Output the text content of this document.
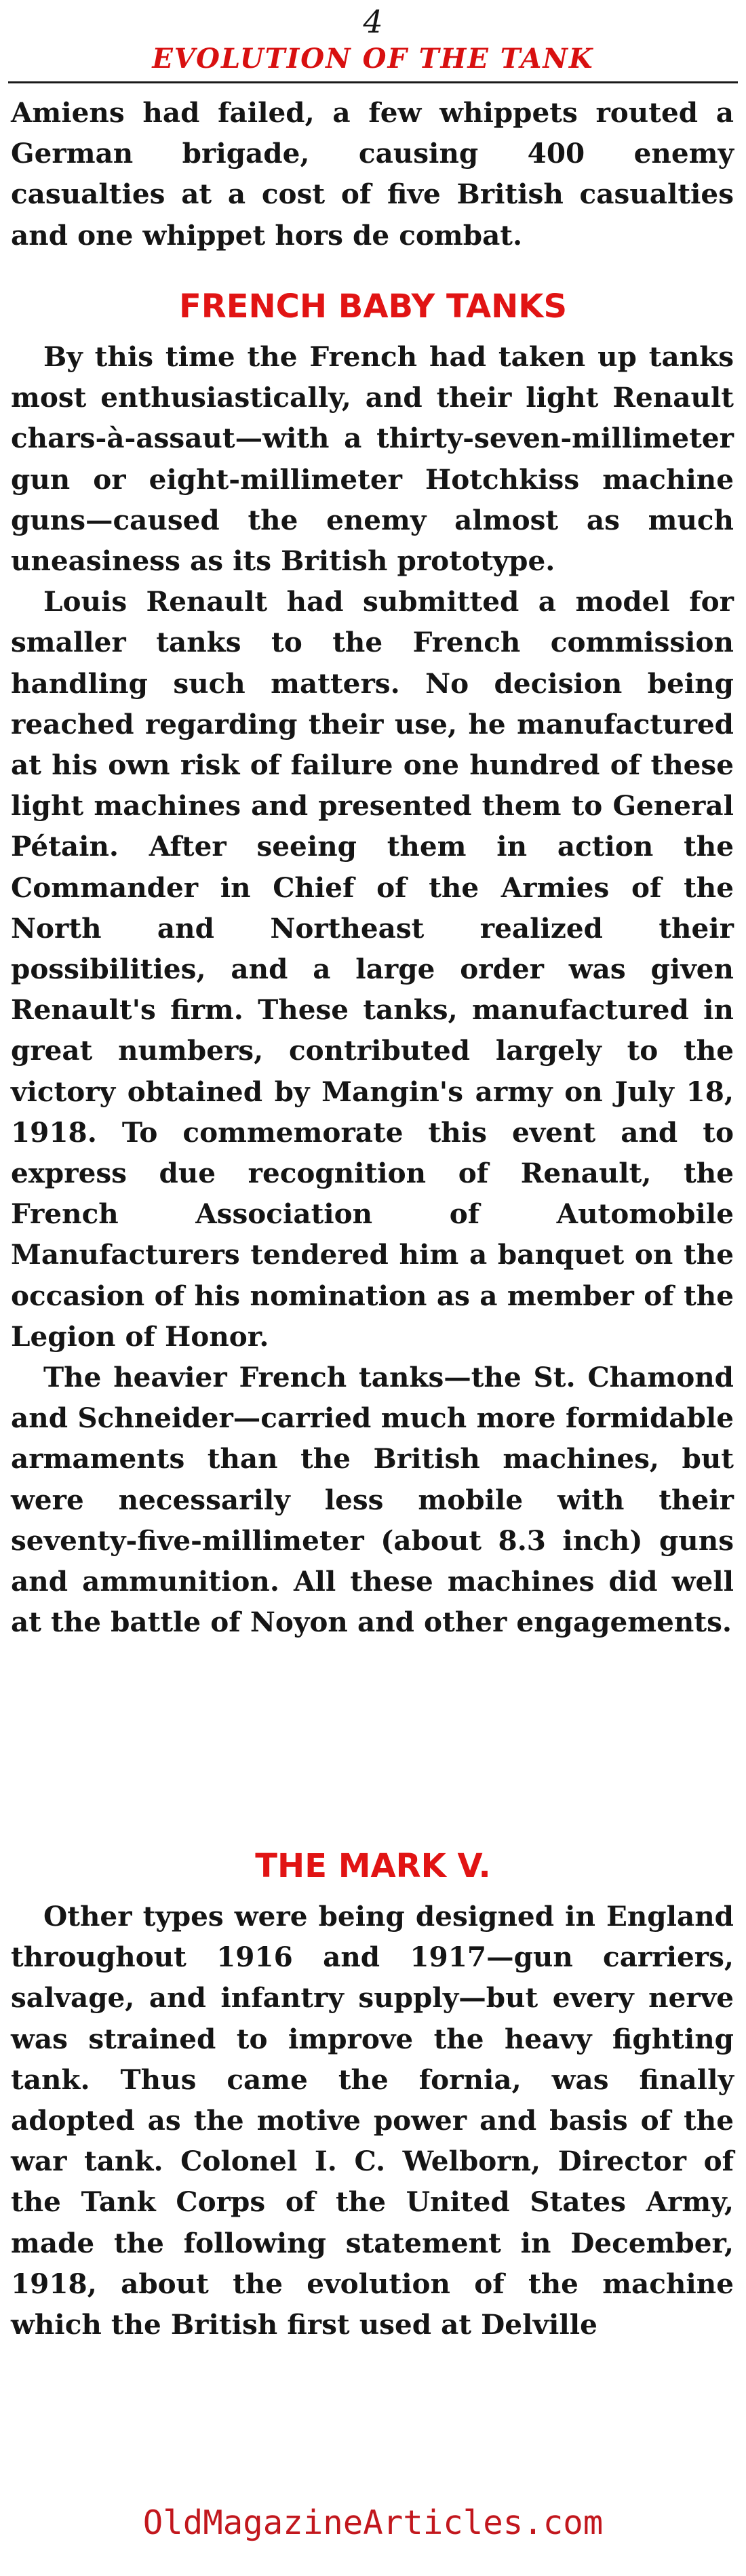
4
EVOLUTION OF THE TANK

Amiens had failed, a few whippets routed a German brigade, causing 400 enemy casualties at a cost of five British casualties and one whippet hors de combat.

FRENCH BABY TANKS

By this time the French had taken up tanks most enthusiastically, and their light Renault chars-à-assaut—with a thirty-seven-millimeter gun or eight-millimeter Hotchkiss machine guns—caused the enemy almost as much uneasiness as its British prototype.

Louis Renault had submitted a model for smaller tanks to the French commission handling such matters. No decision being reached regarding their use, he manufactured at his own risk of failure one hundred of these light machines and presented them to General Pétain. After seeing them in action the Commander in Chief of the Armies of the North and Northeast realized their possibilities, and a large order was given Renault's firm. These tanks, manufactured in great numbers, contributed largely to the victory obtained by Mangin's army on July 18, 1918. To commemorate this event and to express due recognition of Renault, the French Association of Automobile Manufacturers tendered him a banquet on the occasion of his nomination as a member of the Legion of Honor.

The heavier French tanks—the St. Chamond and Schneider—carried much more formidable armaments than the British machines, but were necessarily less mobile with their seventy-five-millimeter (about 8.3 inch) guns and ammunition. All these machines did well at the battle of Noyon and other engagements.

THE MARK V.

Other types were being designed in England throughout 1916 and 1917—gun carriers, salvage, and infantry supply—but every nerve was strained to improve the heavy fighting tank. Thus came the fornia, was finally adopted as the motive power and basis of the war tank. Colonel I. C. Welborn, Director of the Tank Corps of the United States Army, made the following statement in December, 1918, about the evolution of the machine which the British first used at Delville

OldMagazineArticles.com
